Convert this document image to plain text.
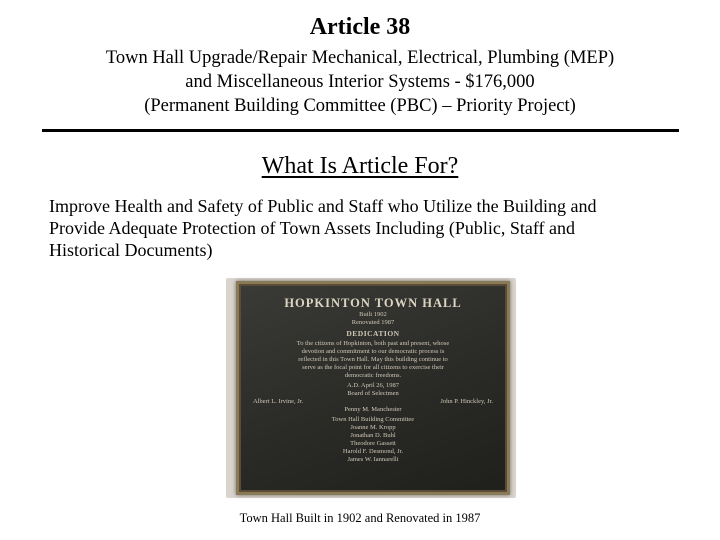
Article 38
Town Hall Upgrade/Repair Mechanical, Electrical, Plumbing (MEP)
and Miscellaneous Interior Systems - $176,000
(Permanent Building Committee (PBC) – Priority Project)
What Is Article For?
Improve Health and Safety of Public and Staff who Utilize the Building and
Provide Adequate Protection of Town Assets Including (Public, Staff and
Historical Documents)
HOPKINTON TOWN HALL
Built 1902
Renovated 1987
DEDICATION
To the citizens of Hopkinton, both past and present, whose
devotion and commitment to our democratic process is
reflected in this Town Hall. May this building continue to
serve as the focal point for all citizens to exercise their
democratic freedoms.
A.D. April 26, 1987
Board of Selectmen
Albert L. Irvine, Jr.	John P. Hinckley, Jr.
Penny M. Manchester
Town Hall Building Committee
Joanne M. Kropp
Jonathan D. Buhl
Theodore Gassett
Harold F. Desmond, Jr.
James W. Iannarelli
Town Hall Built in 1902 and Renovated in 1987
